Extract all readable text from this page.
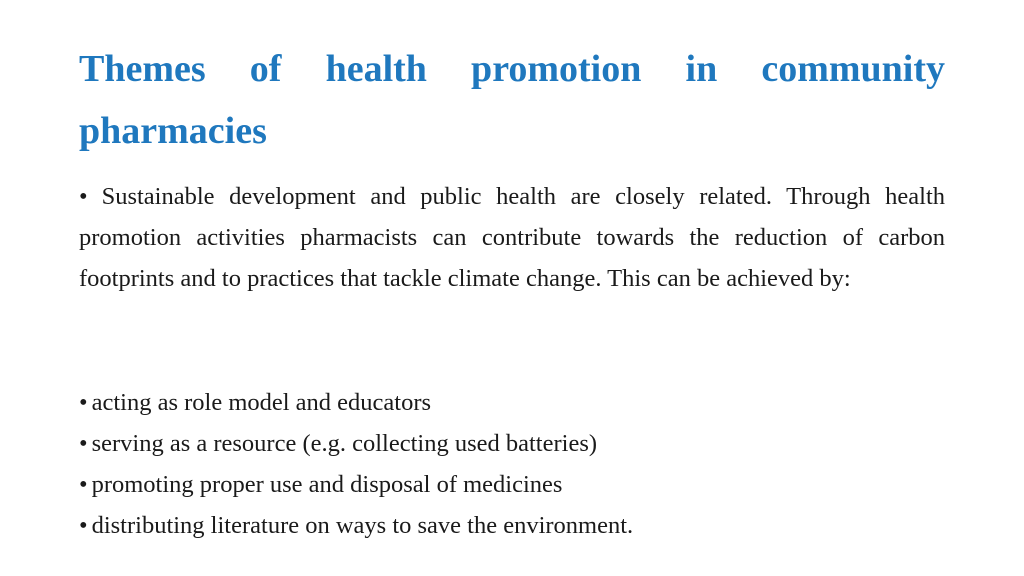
Themes of health promotion in community pharmacies

• Sustainable development and public health are closely related. Through health promotion activities pharmacists can contribute towards the reduction of carbon footprints and to practices that tackle climate change. This can be achieved by:

• acting as role model and educators
• serving as a resource (e.g. collecting used batteries)
• promoting proper use and disposal of medicines
• distributing literature on ways to save the environment.
